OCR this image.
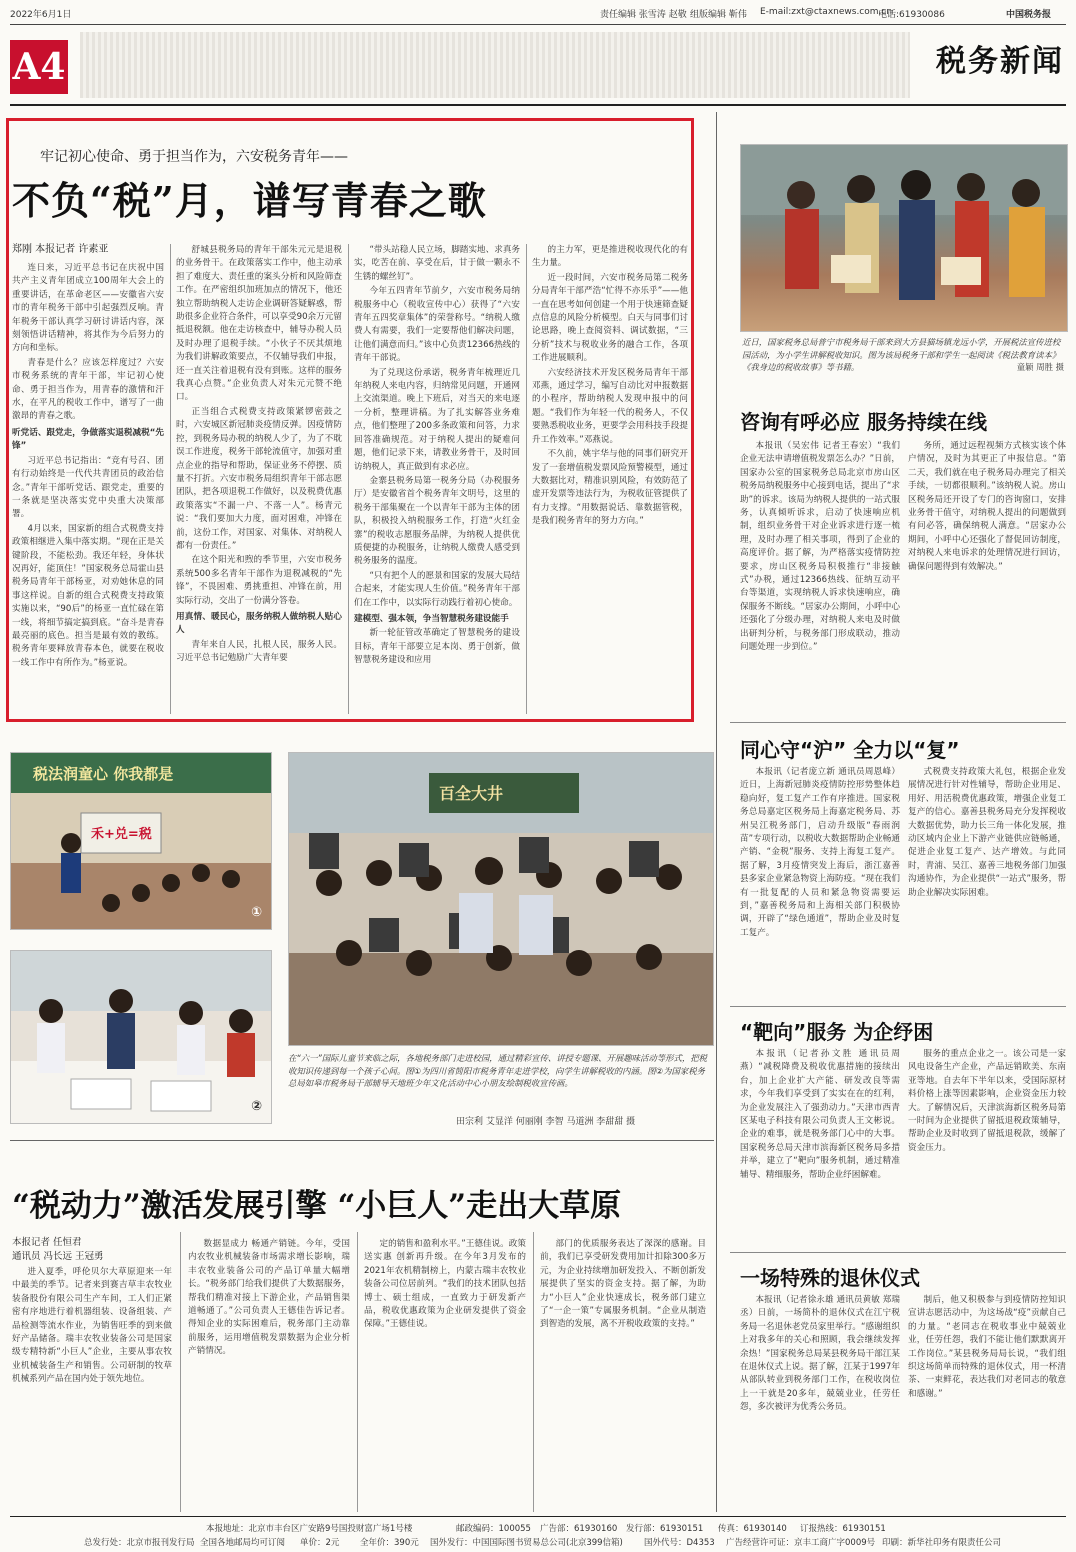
2022年6月1日	责任编辑 张雪涛 赵敬 组版编辑 靳伟 E-mail:zxt@ctaxnews.com.cn
电话:61930086	中国税务报
A4	税务新闻
牢记初心使命、勇于担当作为，六安税务青年——
不负“税”月，谱写青春之歌
郑刚 本报记者 许素亚

连日来，习近平总书记在庆祝中国共产主义青年团成立100周年大会上的重要讲话，在革命老区——安徽省六安市的青年税务干部中引起强烈反响。青年税务干部认真学习研讨讲话内容，深刻领悟讲话精神，将其作为今后努力的方向和坐标。

青春是什么？应该怎样度过？六安市税务系统的青年干部，牢记初心使命、勇于担当作为，用青春的激情和汗水，在平凡的税收工作中，谱写了一曲激昂的青春之歌。

听党话、跟党走，争做落实退税减税“先锋”

习近平总书记指出：“竞有号召、团有行动始终是一代代共青团员的政治信念。”青年干部听党话、跟党走，重要的一条就是坚决落实党中央重大决策部署。

4月以来，国家新的组合式税费支持政策相继进入集中落实期。“现在正是关键阶段，不能松劲。我还年轻，身体状况再好，能顶住！”国家税务总局霍山县税务局青年干部杨亚，对劝她休息的同事这样说。自新的组合式税费支持政策实施以来，“90后”的杨亚一直忙碌在第一线，将细节搞定搞到底。“奋斗是青春最亮丽的底色。担当是最有效的教练。税务青年要释放青春本色，就要在税收一线工作中有所作为。”杨亚说。

舒城县税务局的青年干部朱元元是退税的业务骨干。在政策落实工作中，他主动承担了难度大、责任重的案头分析和风险筛查工作。在严密组织加班加点的情况下，他还独立帮助纳税人走访企业调研答疑解惑，帮助很多企业符合条件，可以享受90余万元留抵退税额。他在走访核查中，辅导办税人员及时办理了退税手续。“小伙子不厌其烦地为我们讲解政策要点，不仅辅导我们申报，还一直关注着退税有没有到账。这样的服务我真心点赞。”企业负责人对朱元元赞不绝口。

正当组合式税费支持政策紧锣密鼓之时，六安城区新冠肺炎疫情反弹。因疫情防控，到税务局办税的纳税人少了，为了不耽误工作进度，税务干部轮流值守，加强对重点企业的指导和帮助，保证业务不停摆、质量不打折。六安市税务局组织青年干部志愿团队，把各项退税工作做好，以及税费优惠政策落实“不漏一户、不落一人”。杨青元说：“我们要加大力度，面对困难，冲锋在前，这份工作，对国家、对集体、对纳税人都有一份责任。”

在这个阳光和煦的季节里，六安市税务系统500多名青年干部作为退税减税的“先锋”，不畏困难、勇挑重担、冲锋在前，用实际行动，交出了一份满分答卷。

用真情、暖民心，服务纳税人做纳税人贴心人

青年来自人民，扎根人民，服务人民。习近平总书记勉励广大青年要

“带头站稳人民立场，脚踏实地、求真务实，吃苦在前、享受在后，甘于做一颗永不生锈的螺丝钉”。

今年五四青年节前夕，六安市税务局纳税服务中心（税收宣传中心）获得了“六安青年五四奖章集体”的荣誉称号。“纳税人缴费人有需要，我们一定要帮他们解决问题，让他们满意而归。”该中心负责12366热线的青年干部说。

为了兑现这份承诺，税务青年梳理近几年纳税人来电内容，归纳常见问题，开通网上交流渠道。晚上下班后，对当天的来电逐一分析，整理讲稿。为了扎实解答业务难点，他们整理了200多条政策和问答，力求回答准确规范。对于纳税人提出的疑难问题，他们记录下来，请教业务骨干，及时回访纳税人，真正做到有求必应。

金寨县税务局第一税务分局（办税服务厅）是安徽省首个税务青年文明号，这里的税务干部集聚在一个以青年干部为主体的团队，积极投入纳税服务工作，打造“火红金寨”的税收志愿服务品牌，为纳税人提供优质便捷的办税服务，让纳税人缴费人感受到税务服务的温度。

“只有把个人的愿景和国家的发展大局结合起来，才能实现人生价值。”税务青年干部们在工作中，以实际行动践行着初心使命。

建模型、强本领，争当智慧税务建设能手

新一轮征管改革确定了智慧税务的建设目标，青年干部要立足本岗、勇于创新，做智慧税务建设和应用

的主力军，更是推进税收现代化的有生力量。

近一段时间，六安市税务局第二税务分局青年干部严浩“忙得不亦乐乎”——他一直在思考如何创建一个用于快速筛查疑点信息的风险分析模型。白天与同事们讨论思路，晚上查阅资料、调试数据，“三分析”技术与税收业务的融合工作，各项工作进展顺利。

六安经济技术开发区税务局青年干部邓燕，通过学习，编写自动比对申报数据的小程序，帮助纳税人发现申报中的问题。“我们作为年轻一代的税务人，不仅要熟悉税收业务，更要学会用科技手段提升工作效率。”邓燕说。

不久前，姚宇华与他的同事们研究开发了一套增值税发票风险预警模型，通过大数据比对，精准识别风险，有效防范了虚开发票等违法行为，为税收征管提供了有力支撑。“用数据说话、靠数据管税，是我们税务青年的努力方向。”

近日，国家税务总局普宁市税务局干部来到大方县猫场镇龙远小学，开展税法宣传进校园活动，为小学生讲解税收知识。图为该局税务干部和学生一起阅读《税法教育读本》《我身边的税收故事》等书籍。	童颖 周胜 摄
咨询有呼必应 服务持续在线

本报讯（吴宏伟 记者王春宏）“我们企业无法申请增值税发票怎么办？”日前，国家办公室的国家税务总局北京市房山区税务局纳税服务中心接到电话，提出了“求助”的诉求。该局为纳税人提供的一站式服务，认真倾听诉求，启动了快速响应机制，组织业务骨干对企业诉求进行逐一梳理，及时办理了相关事项，得到了企业的高度评价。据了解，为严格落实疫情防控要求，房山区税务局积极推行“非接触式”办税，通过12366热线、征纳互动平台等渠道，实现纳税人诉求快速响应，确保服务不断线。“居家办公期间，小呼中心还强化了分级办理，对纳税人来电及时做出研判分析，与税务部门形成联动，推动问题处理一步到位。”

务所，通过远程视频方式核实该个体户情况，及时为其更正了申报信息。“第二天，我们就在电子税务局办理完了相关手续，一切都很顺利。”该纳税人说。房山区税务局还开设了专门的咨询窗口，安排业务骨干值守，对纳税人提出的问题做到有问必答，确保纳税人满意。“居家办公期间，小呼中心还强化了督促回访制度，对纳税人来电诉求的处理情况进行回访，确保问题得到有效解决。”

同心守“沪” 全力以“复”

本报讯（记者庞立新 通讯员周恩峰）近日，上海新冠肺炎疫情防控形势整体趋稳向好，复工复产工作有序推进。国家税务总局嘉定区税务局上海嘉定税务局、苏州吴江税务部门，启动升级版“春雨润苗”专项行动，以税收大数据帮助企业畅通产销、“金税”服务、支持上海复工复产。据了解，3月疫情突发上海后，浙江嘉善县多家企业紧急物资上海防疫。“现在我们有一批复配的人员和紧急物资需要运到，”嘉善税务局和上海相关部门积极协调，开辟了“绿色通道”，帮助企业及时复工复产。

式税费支持政策大礼包，根据企业发展情况进行针对性辅导，帮助企业用足、用好、用活税费优惠政策，增强企业复工复产的信心。嘉善县税务局充分发挥税收大数据优势，助力长三角一体化发展，推动区域内企业上下游产业链供应链畅通，促进企业复工复产、达产增效。与此同时，青浦、吴江、嘉善三地税务部门加强沟通协作，为企业提供“一站式”服务，帮助企业解决实际困难。

“靶向”服务 为企纾困

本报讯（记者孙文胜 通讯员周燕）“减税降费及税收优惠措施的接续出台，加上企业扩大产能、研发改良等需求，今年我们享受到了实实在在的红利，为企业发展注入了强劲动力。”天津市西青区某电子科技有限公司负责人王文彬说。企业的难事，就是税务部门心中的大事。国家税务总局天津市滨海新区税务局多措并举，建立了“靶向”服务机制，通过精准辅导、精细服务，帮助企业纾困解难。

服务的重点企业之一。该公司是一家风电设备生产企业，产品远销欧美、东南亚等地。自去年下半年以来，受国际原材料价格上涨等因素影响，企业资金压力较大。了解情况后，天津滨海新区税务局第一时间为企业提供了留抵退税政策辅导，帮助企业及时收到了留抵退税款，缓解了资金压力。

一场特殊的退休仪式

本报讯（记者徐永雄 通讯员黄敏 郑瑞丞）日前，一场简朴的退休仪式在江宁税务局一名退休老党员家里举行。“感谢组织上对我多年的关心和照顾，我会继续发挥余热！”国家税务总局某县税务局干部江某在退休仪式上说。据了解，江某于1997年从部队转业到税务部门工作，在税收岗位上一干就是20多年，兢兢业业，任劳任怨，多次被评为优秀公务员。

制后，他又积极参与到疫情防控知识宣讲志愿活动中，为这场战“疫”贡献自己的力量。“老同志在税收事业中兢兢业业，任劳任怨，我们不能让他们默默离开工作岗位。”某县税务局局长说，“我们组织这场简单而特殊的退休仪式，用一杯清茶、一束鲜花，表达我们对老同志的敬意和感谢。”

税法润童心 你我都是
禾+兑=税
①
②
百全大井
在“六一”国际儿童节来临之际，各地税务部门走进校园，通过精彩宣传、讲授专题课、开展趣味活动等形式，把税收知识传递到每一个孩子心间。图①为四川省简阳市税务青年走进学校，向学生讲解税收的内涵。图②为国家税务总局如皋市税务局干部辅导天地班少年文化活动中心小朋友绘制税收宣传画。
田宗利 艾显洋 何丽刚 李智 马道洲 李甜甜 摄
“税动力”激活发展引擎 “小巨人”走出大草原
本报记者 任恒君
通讯员 冯长远 王冠勇

进入夏季，呼伦贝尔大草原迎来一年中最美的季节。记者来到赛吉草丰农牧业装备股份有限公司生产车间，工人们正紧密有序地进行着机器组装、设备组装、产品检测等流水作业，为销售旺季的到来做好产品储备。瑞丰农牧业装备公司是国家级专精特新“小巨人”企业，主要从事农牧业机械装备生产和销售。公司研制的牧草机械系列产品在国内处于领先地位。

数据显成力 畅通产销链。今年，受国内农牧业机械装备市场需求增长影响，瑞丰农牧业装备公司的产品订单量大幅增长。“税务部门给我们提供了大数据服务，帮我们精准对接上下游企业，产品销售渠道畅通了。”公司负责人王德佳告诉记者。得知企业的实际困难后，税务部门主动靠前服务，运用增值税发票数据为企业分析产销情况。

定的销售和盈利水平。”王德佳说。政策送实惠 创新再升级。在今年3月发布的2021年农机精制榜上，内蒙古瑞丰农牧业装备公司位居前列。“我们的技术团队包括博士、硕士组成，一直致力于研发新产品，税收优惠政策为企业研发提供了资金保障。”王德佳说。

部门的优质服务表达了深深的感谢。目前，我们已享受研发费用加计扣除300多万元，为企业持续增加研发投入、不断创新发展提供了坚实的资金支持。据了解，为助力“小巨人”企业快速成长，税务部门建立了“一企一策”专属服务机制。“企业从制造到智造的发展，离不开税收政策的支持。”

本报地址：北京市丰台区广安路9号国投财富广场1号楼	邮政编码：100055 广告部：61930160 发行部：61930151 传真：61930140 订报热线：61930151
总发行处：北京市报刊发行局 全国各地邮局均可订阅 单价：2元 全年价：390元 国外发行：中国国际图书贸易总公司(北京399信箱) 国外代号：D4353 广告经营许可证：京丰工商广字0009号 印刷：新华社印务有限责任公司
